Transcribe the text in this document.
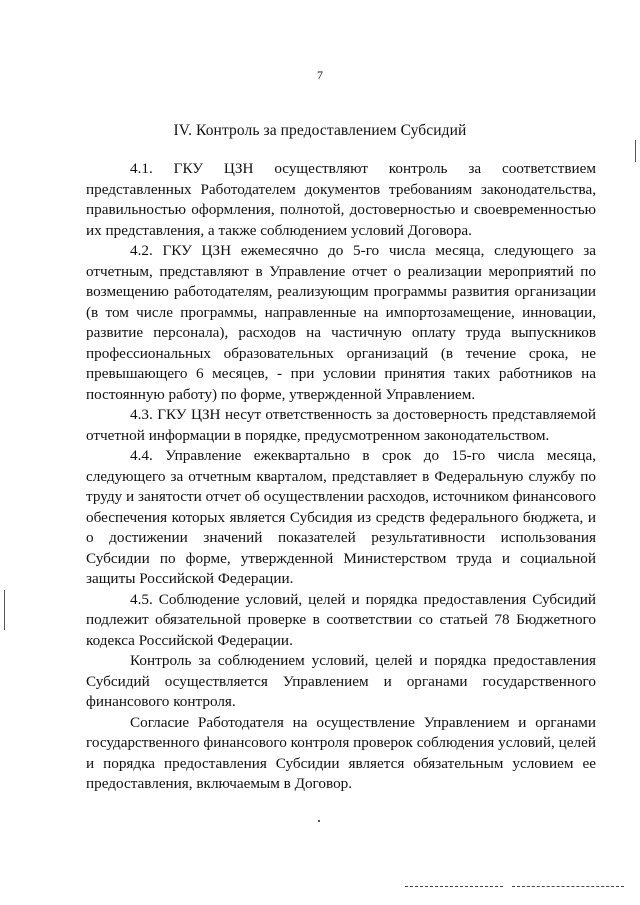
7
IV. Контроль за предоставлением Субсидий

4.1. ГКУ ЦЗН осуществляют контроль за соответствием представленных Работодателем документов требованиям законодательства, правильностью оформления, полнотой, достоверностью и своевременностью их представления, а также соблюдением условий Договора.

4.2. ГКУ ЦЗН ежемесячно до 5-го числа месяца, следующего за отчетным, представляют в Управление отчет о реализации мероприятий по возмещению работодателям, реализующим программы развития организации (в том числе программы, направленные на импортозамещение, инновации, развитие персонала), расходов на частичную оплату труда выпускников профессиональных образовательных организаций (в течение срока, не превышающего 6 месяцев, - при условии принятия таких работников на постоянную работу) по форме, утвержденной Управлением.

4.3. ГКУ ЦЗН несут ответственность за достоверность представляемой отчетной информации в порядке, предусмотренном законодательством.

4.4. Управление ежеквартально в срок до 15-го числа месяца, следующего за отчетным кварталом, представляет в Федеральную службу по труду и занятости отчет об осуществлении расходов, источником финансового обеспечения которых является Субсидия из средств федерального бюджета, и о достижении значений показателей результативности использования Субсидии по форме, утвержденной Министерством труда и социальной защиты Российской Федерации.

4.5. Соблюдение условий, целей и порядка предоставления Субсидий подлежит обязательной проверке в соответствии со статьей 78 Бюджетного кодекса Российской Федерации.

Контроль за соблюдением условий, целей и порядка предоставления Субсидий осуществляется Управлением и органами государственного финансового контроля.

Согласие Работодателя на осуществление Управлением и органами государственного финансового контроля проверок соблюдения условий, целей и порядка предоставления Субсидии является обязательным условием ее предоставления, включаемым в Договор.
